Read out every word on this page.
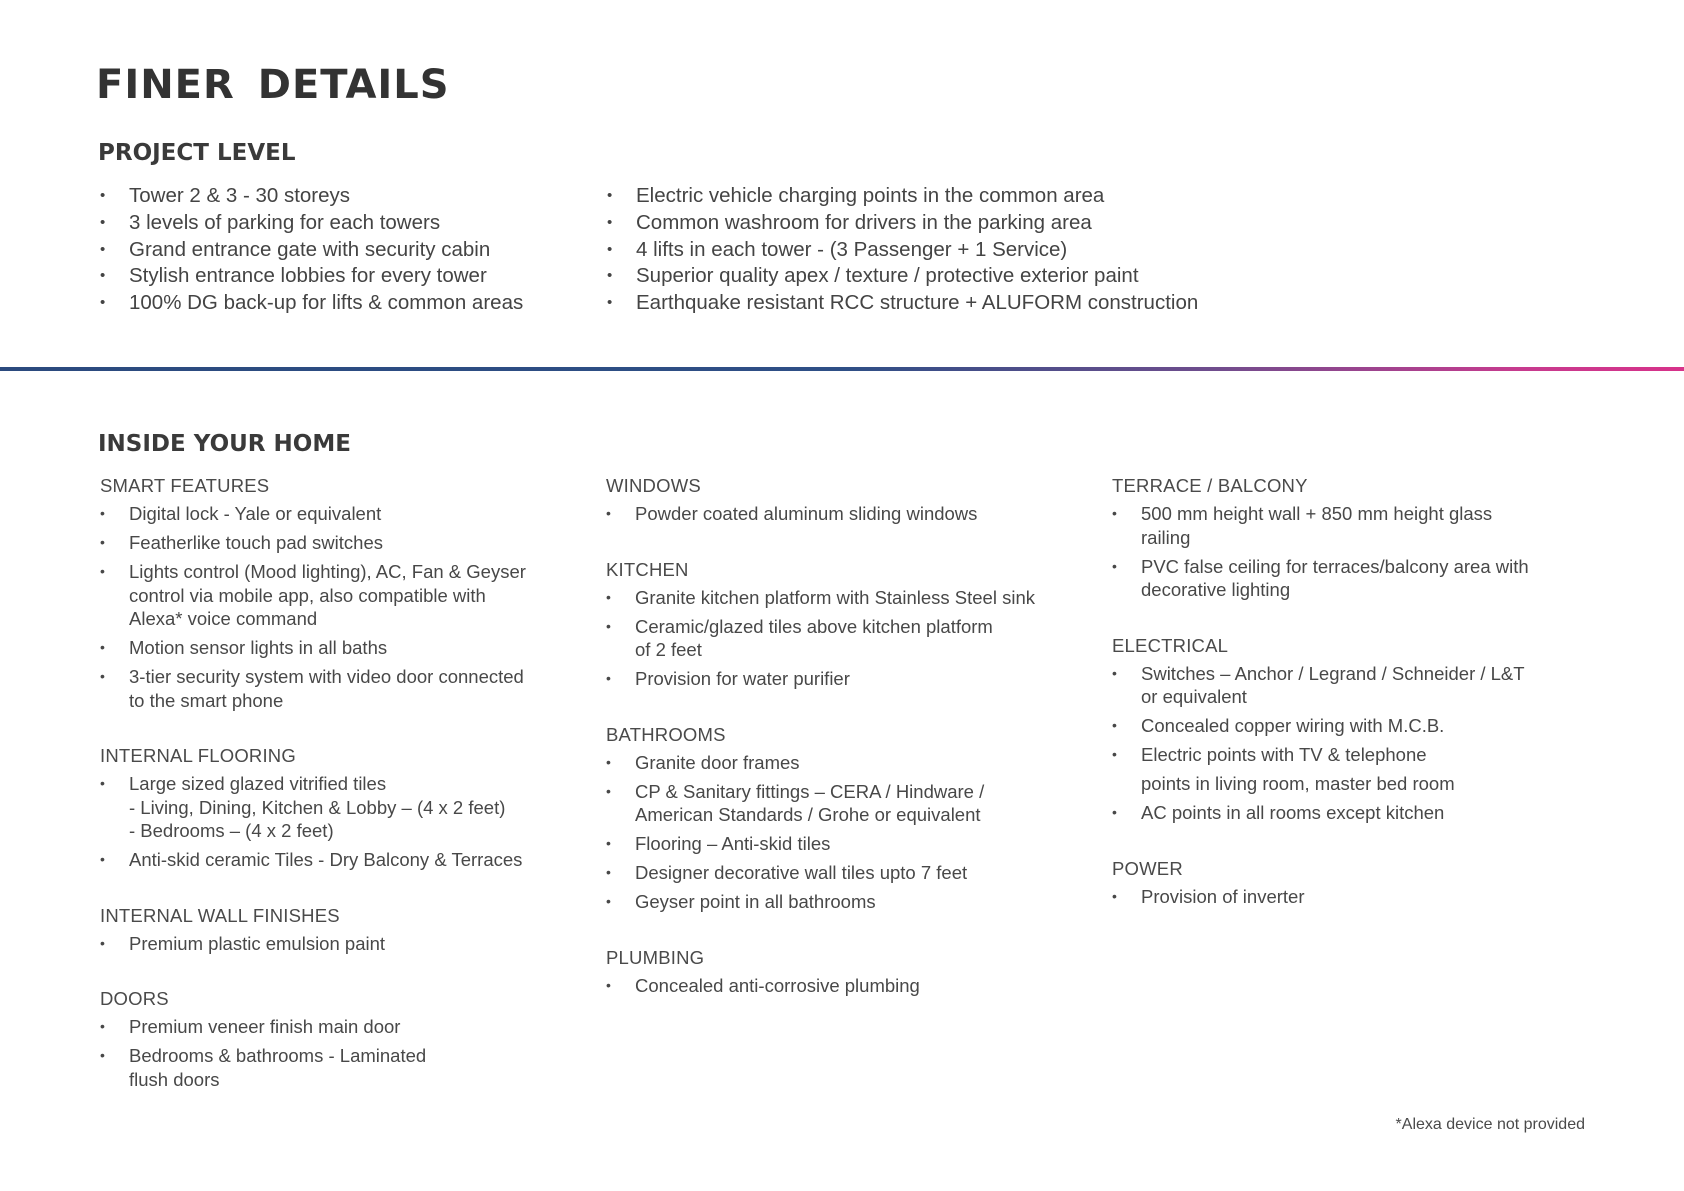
FINER DETAILS
PROJECT LEVEL
• Tower 2 & 3 - 30 storeys
• 3 levels of parking for each towers
• Grand entrance gate with security cabin
• Stylish entrance lobbies for every tower
• 100% DG back-up for lifts & common areas
• Electric vehicle charging points in the common area
• Common washroom for drivers in the parking area
• 4 lifts in each tower - (3 Passenger + 1 Service)
• Superior quality apex / texture / protective exterior paint
• Earthquake resistant RCC structure + ALUFORM construction
INSIDE YOUR HOME
SMART FEATURES
• Digital lock - Yale or equivalent
• Featherlike touch pad switches
• Lights control (Mood lighting), AC, Fan & Geyser
control via mobile app, also compatible with
Alexa* voice command
• Motion sensor lights in all baths
• 3-tier security system with video door connected
to the smart phone
INTERNAL FLOORING
• Large sized glazed vitrified tiles
- Living, Dining, Kitchen & Lobby – (4 x 2 feet)
- Bedrooms – (4 x 2 feet)
• Anti-skid ceramic Tiles - Dry Balcony & Terraces
INTERNAL WALL FINISHES
• Premium plastic emulsion paint
DOORS
• Premium veneer finish main door
• Bedrooms & bathrooms - Laminated
flush doors
WINDOWS
• Powder coated aluminum sliding windows
KITCHEN
• Granite kitchen platform with Stainless Steel sink
• Ceramic/glazed tiles above kitchen platform
of 2 feet
• Provision for water purifier
BATHROOMS
• Granite door frames
• CP & Sanitary fittings – CERA / Hindware /
American Standards / Grohe or equivalent
• Flooring – Anti-skid tiles
• Designer decorative wall tiles upto 7 feet
• Geyser point in all bathrooms
PLUMBING
• Concealed anti-corrosive plumbing
TERRACE / BALCONY
• 500 mm height wall + 850 mm height glass
railing
• PVC false ceiling for terraces/balcony area with
decorative lighting
ELECTRICAL
• Switches – Anchor / Legrand / Schneider / L&T
or equivalent
• Concealed copper wiring with M.C.B.
• Electric points with TV & telephone
points in living room, master bed room
• AC points in all rooms except kitchen
POWER
• Provision of inverter
*Alexa device not provided
